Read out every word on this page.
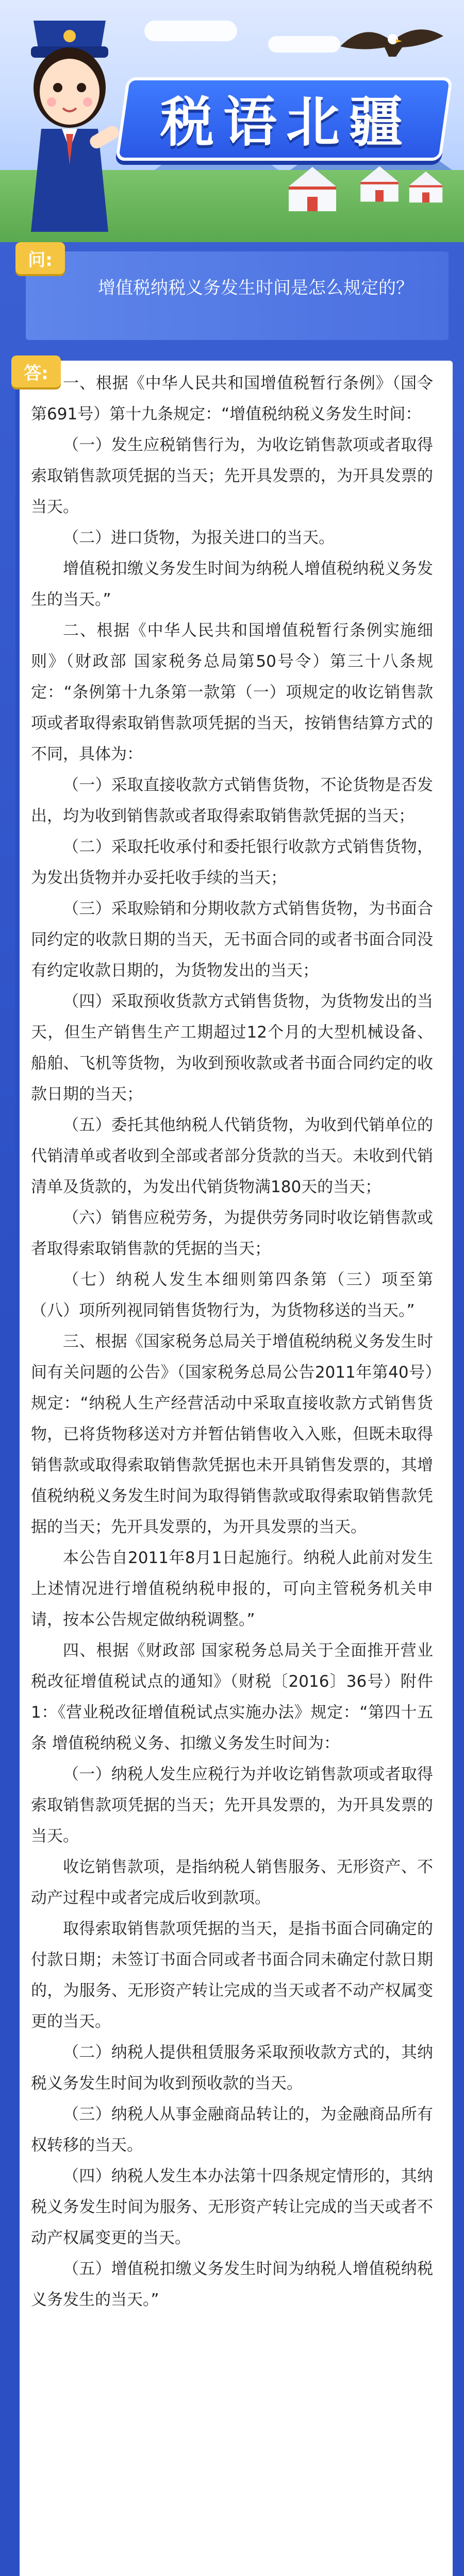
税语北疆
问:
增值税纳税义务发生时间是怎么规定的？
答: 一、根据《中华人民共和国增值税暂行条例》（国令第691号）第十九条规定：“增值税纳税义务发生时间：

（一）发生应税销售行为，为收讫销售款项或者取得索取销售款项凭据的当天；先开具发票的，为开具发票的当天。

（二）进口货物，为报关进口的当天。

增值税扣缴义务发生时间为纳税人增值税纳税义务发生的当天。”

二、根据《中华人民共和国增值税暂行条例实施细则》（财政部 国家税务总局第50号令）第三十八条规定：“条例第十九条第一款第（一）项规定的收讫销售款项或者取得索取销售款项凭据的当天，按销售结算方式的不同，具体为：

（一）采取直接收款方式销售货物，不论货物是否发出，均为收到销售款或者取得索取销售款凭据的当天；

（二）采取托收承付和委托银行收款方式销售货物，为发出货物并办妥托收手续的当天；

（三）采取赊销和分期收款方式销售货物，为书面合同约定的收款日期的当天，无书面合同的或者书面合同没有约定收款日期的，为货物发出的当天；

（四）采取预收货款方式销售货物，为货物发出的当天，但生产销售生产工期超过12个月的大型机械设备、船舶、飞机等货物，为收到预收款或者书面合同约定的收款日期的当天；

（五）委托其他纳税人代销货物，为收到代销单位的代销清单或者收到全部或者部分货款的当天。未收到代销清单及货款的，为发出代销货物满180天的当天；

（六）销售应税劳务，为提供劳务同时收讫销售款或者取得索取销售款的凭据的当天；

（七）纳税人发生本细则第四条第（三）项至第（八）项所列视同销售货物行为，为货物移送的当天。”

三、根据《国家税务总局关于增值税纳税义务发生时间有关问题的公告》（国家税务总局公告2011年第40号）规定：“纳税人生产经营活动中采取直接收款方式销售货物，已将货物移送对方并暂估销售收入入账，但既未取得销售款或取得索取销售款凭据也未开具销售发票的，其增值税纳税义务发生时间为取得销售款或取得索取销售款凭据的当天；先开具发票的，为开具发票的当天。

本公告自2011年8月1日起施行。纳税人此前对发生上述情况进行增值税纳税申报的，可向主管税务机关申请，按本公告规定做纳税调整。”

四、根据《财政部 国家税务总局关于全面推开营业税改征增值税试点的通知》（财税〔2016〕36号）附件1：《营业税改征增值税试点实施办法》规定：“第四十五条 增值税纳税义务、扣缴义务发生时间为：

（一）纳税人发生应税行为并收讫销售款项或者取得索取销售款项凭据的当天；先开具发票的，为开具发票的当天。

收讫销售款项，是指纳税人销售服务、无形资产、不动产过程中或者完成后收到款项。

取得索取销售款项凭据的当天，是指书面合同确定的付款日期；未签订书面合同或者书面合同未确定付款日期的，为服务、无形资产转让完成的当天或者不动产权属变更的当天。

（二）纳税人提供租赁服务采取预收款方式的，其纳税义务发生时间为收到预收款的当天。

（三）纳税人从事金融商品转让的，为金融商品所有权转移的当天。

（四）纳税人发生本办法第十四条规定情形的，其纳税义务发生时间为服务、无形资产转让完成的当天或者不动产权属变更的当天。

（五）增值税扣缴义务发生时间为纳税人增值税纳税义务发生的当天。”
